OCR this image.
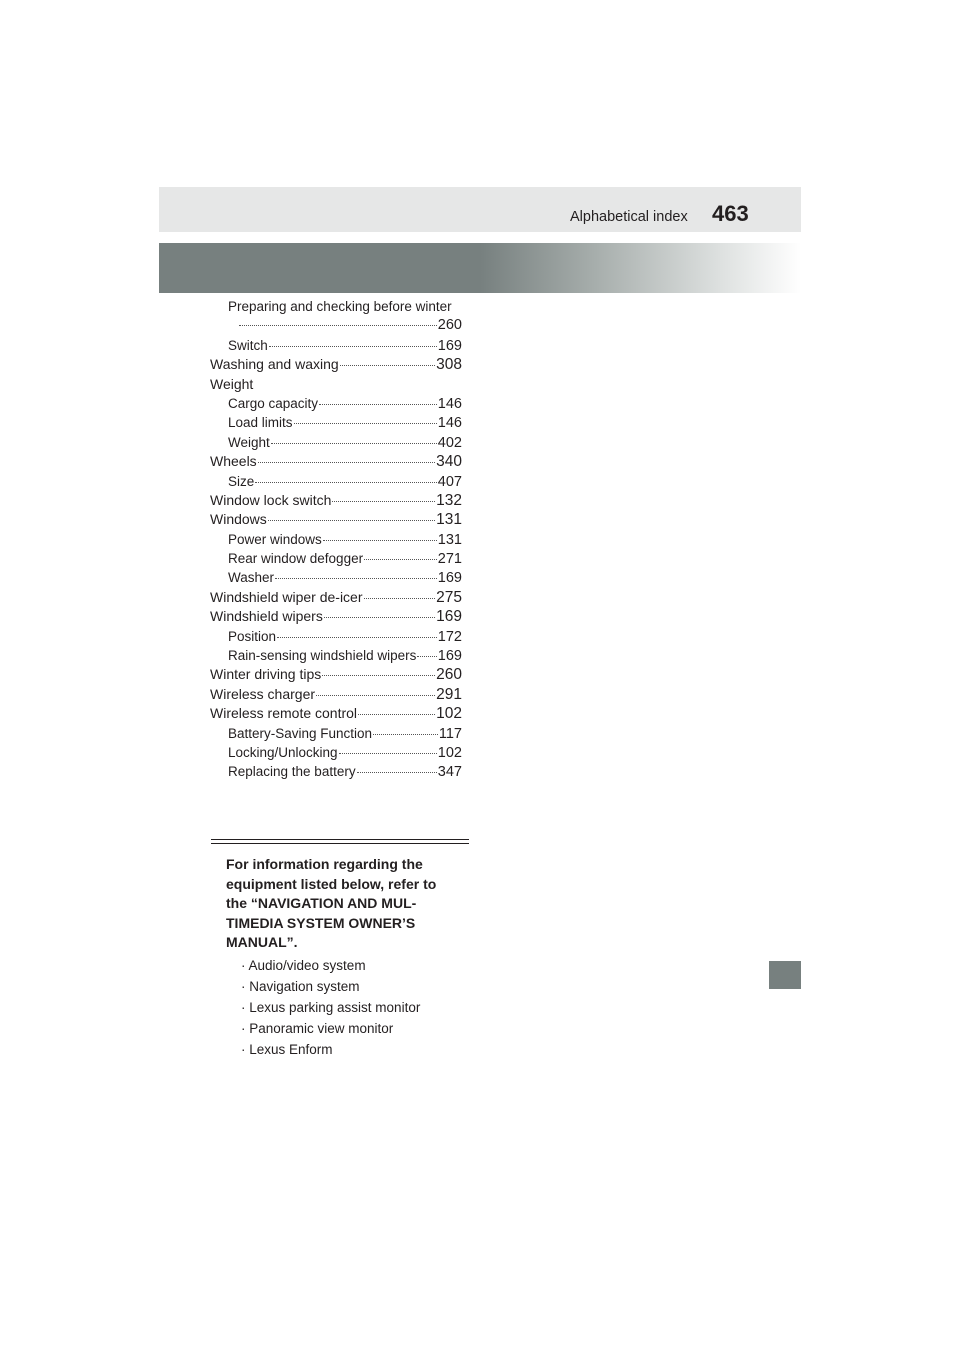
Alphabetical index 463
Preparing and checking before winter
260
Switch	169
Washing and waxing	308
Weight
Cargo capacity	146
Load limits	146
Weight	402
Wheels	340
Size	407
Window lock switch	132
Windows	131
Power windows	131
Rear window defogger	271
Washer	169
Windshield wiper de-icer	275
Windshield wipers	169
Position	172
Rain-sensing windshield wipers 169
Winter driving tips	260
Wireless charger	291
Wireless remote control	102
Battery-Saving Function	117
Locking/Unlocking	102
Replacing the battery	347
For information regarding the
equipment listed below, refer to
the “NAVIGATION AND MUL-
TIMEDIA SYSTEM OWNER’S
MANUAL”.
· Audio/video system
· Navigation system
· Lexus parking assist monitor
· Panoramic view monitor
· Lexus Enform
